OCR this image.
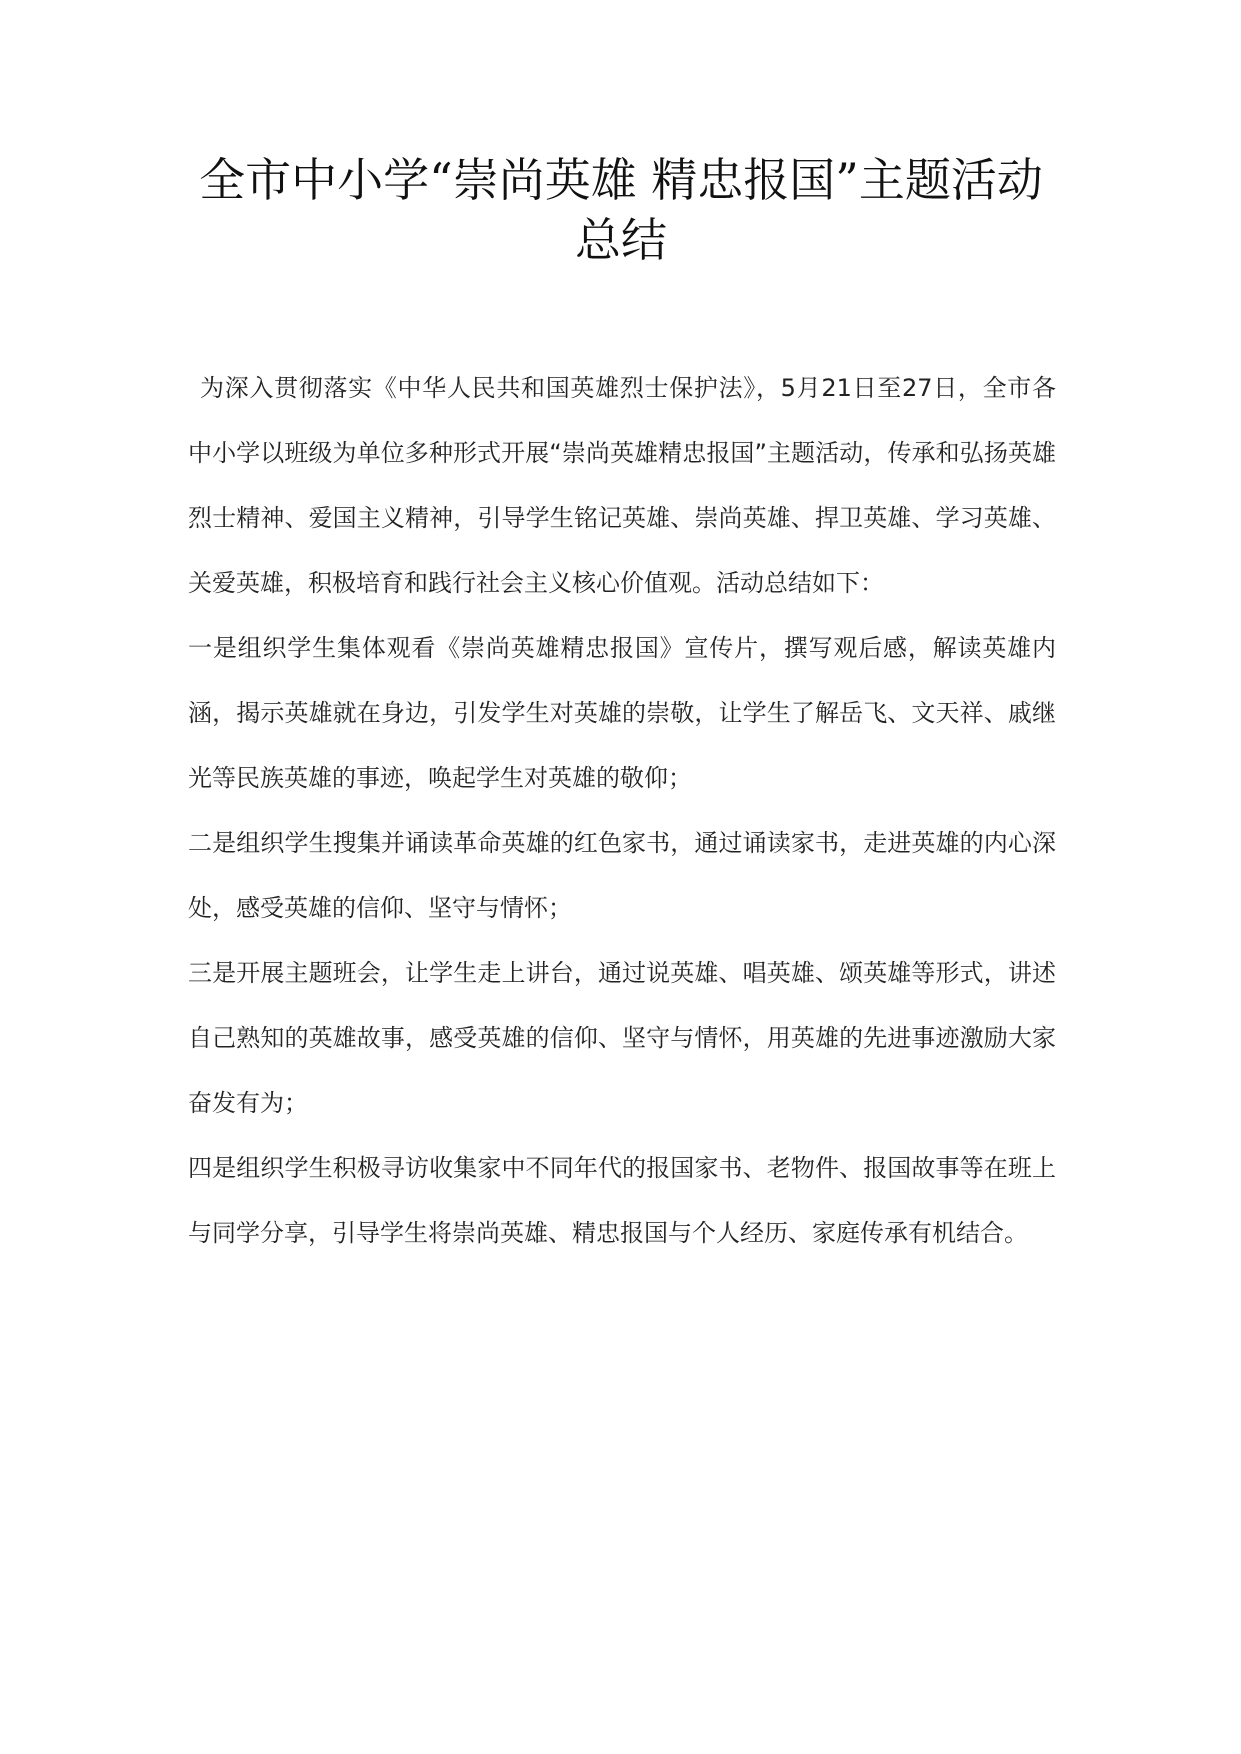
全市中小学“崇尚英雄 精忠报国”主题活动
总结

为深入贯彻落实《中华人民共和国英雄烈士保护法》，5月21日至27日，全市各中小学以班级为单位多种形式开展“崇尚英雄精忠报国”主题活动，传承和弘扬英雄烈士精神、爱国主义精神，引导学生铭记英雄、崇尚英雄、捍卫英雄、学习英雄、关爱英雄，积极培育和践行社会主义核心价值观。活动总结如下：

一是组织学生集体观看《崇尚英雄精忠报国》宣传片，撰写观后感，解读英雄内涵，揭示英雄就在身边，引发学生对英雄的崇敬，让学生了解岳飞、文天祥、戚继光等民族英雄的事迹，唤起学生对英雄的敬仰；

二是组织学生搜集并诵读革命英雄的红色家书，通过诵读家书，走进英雄的内心深处，感受英雄的信仰、坚守与情怀；

三是开展主题班会，让学生走上讲台，通过说英雄、唱英雄、颂英雄等形式，讲述自己熟知的英雄故事，感受英雄的信仰、坚守与情怀，用英雄的先进事迹激励大家奋发有为；

四是组织学生积极寻访收集家中不同年代的报国家书、老物件、报国故事等在班上与同学分享，引导学生将崇尚英雄、精忠报国与个人经历、家庭传承有机结合。
